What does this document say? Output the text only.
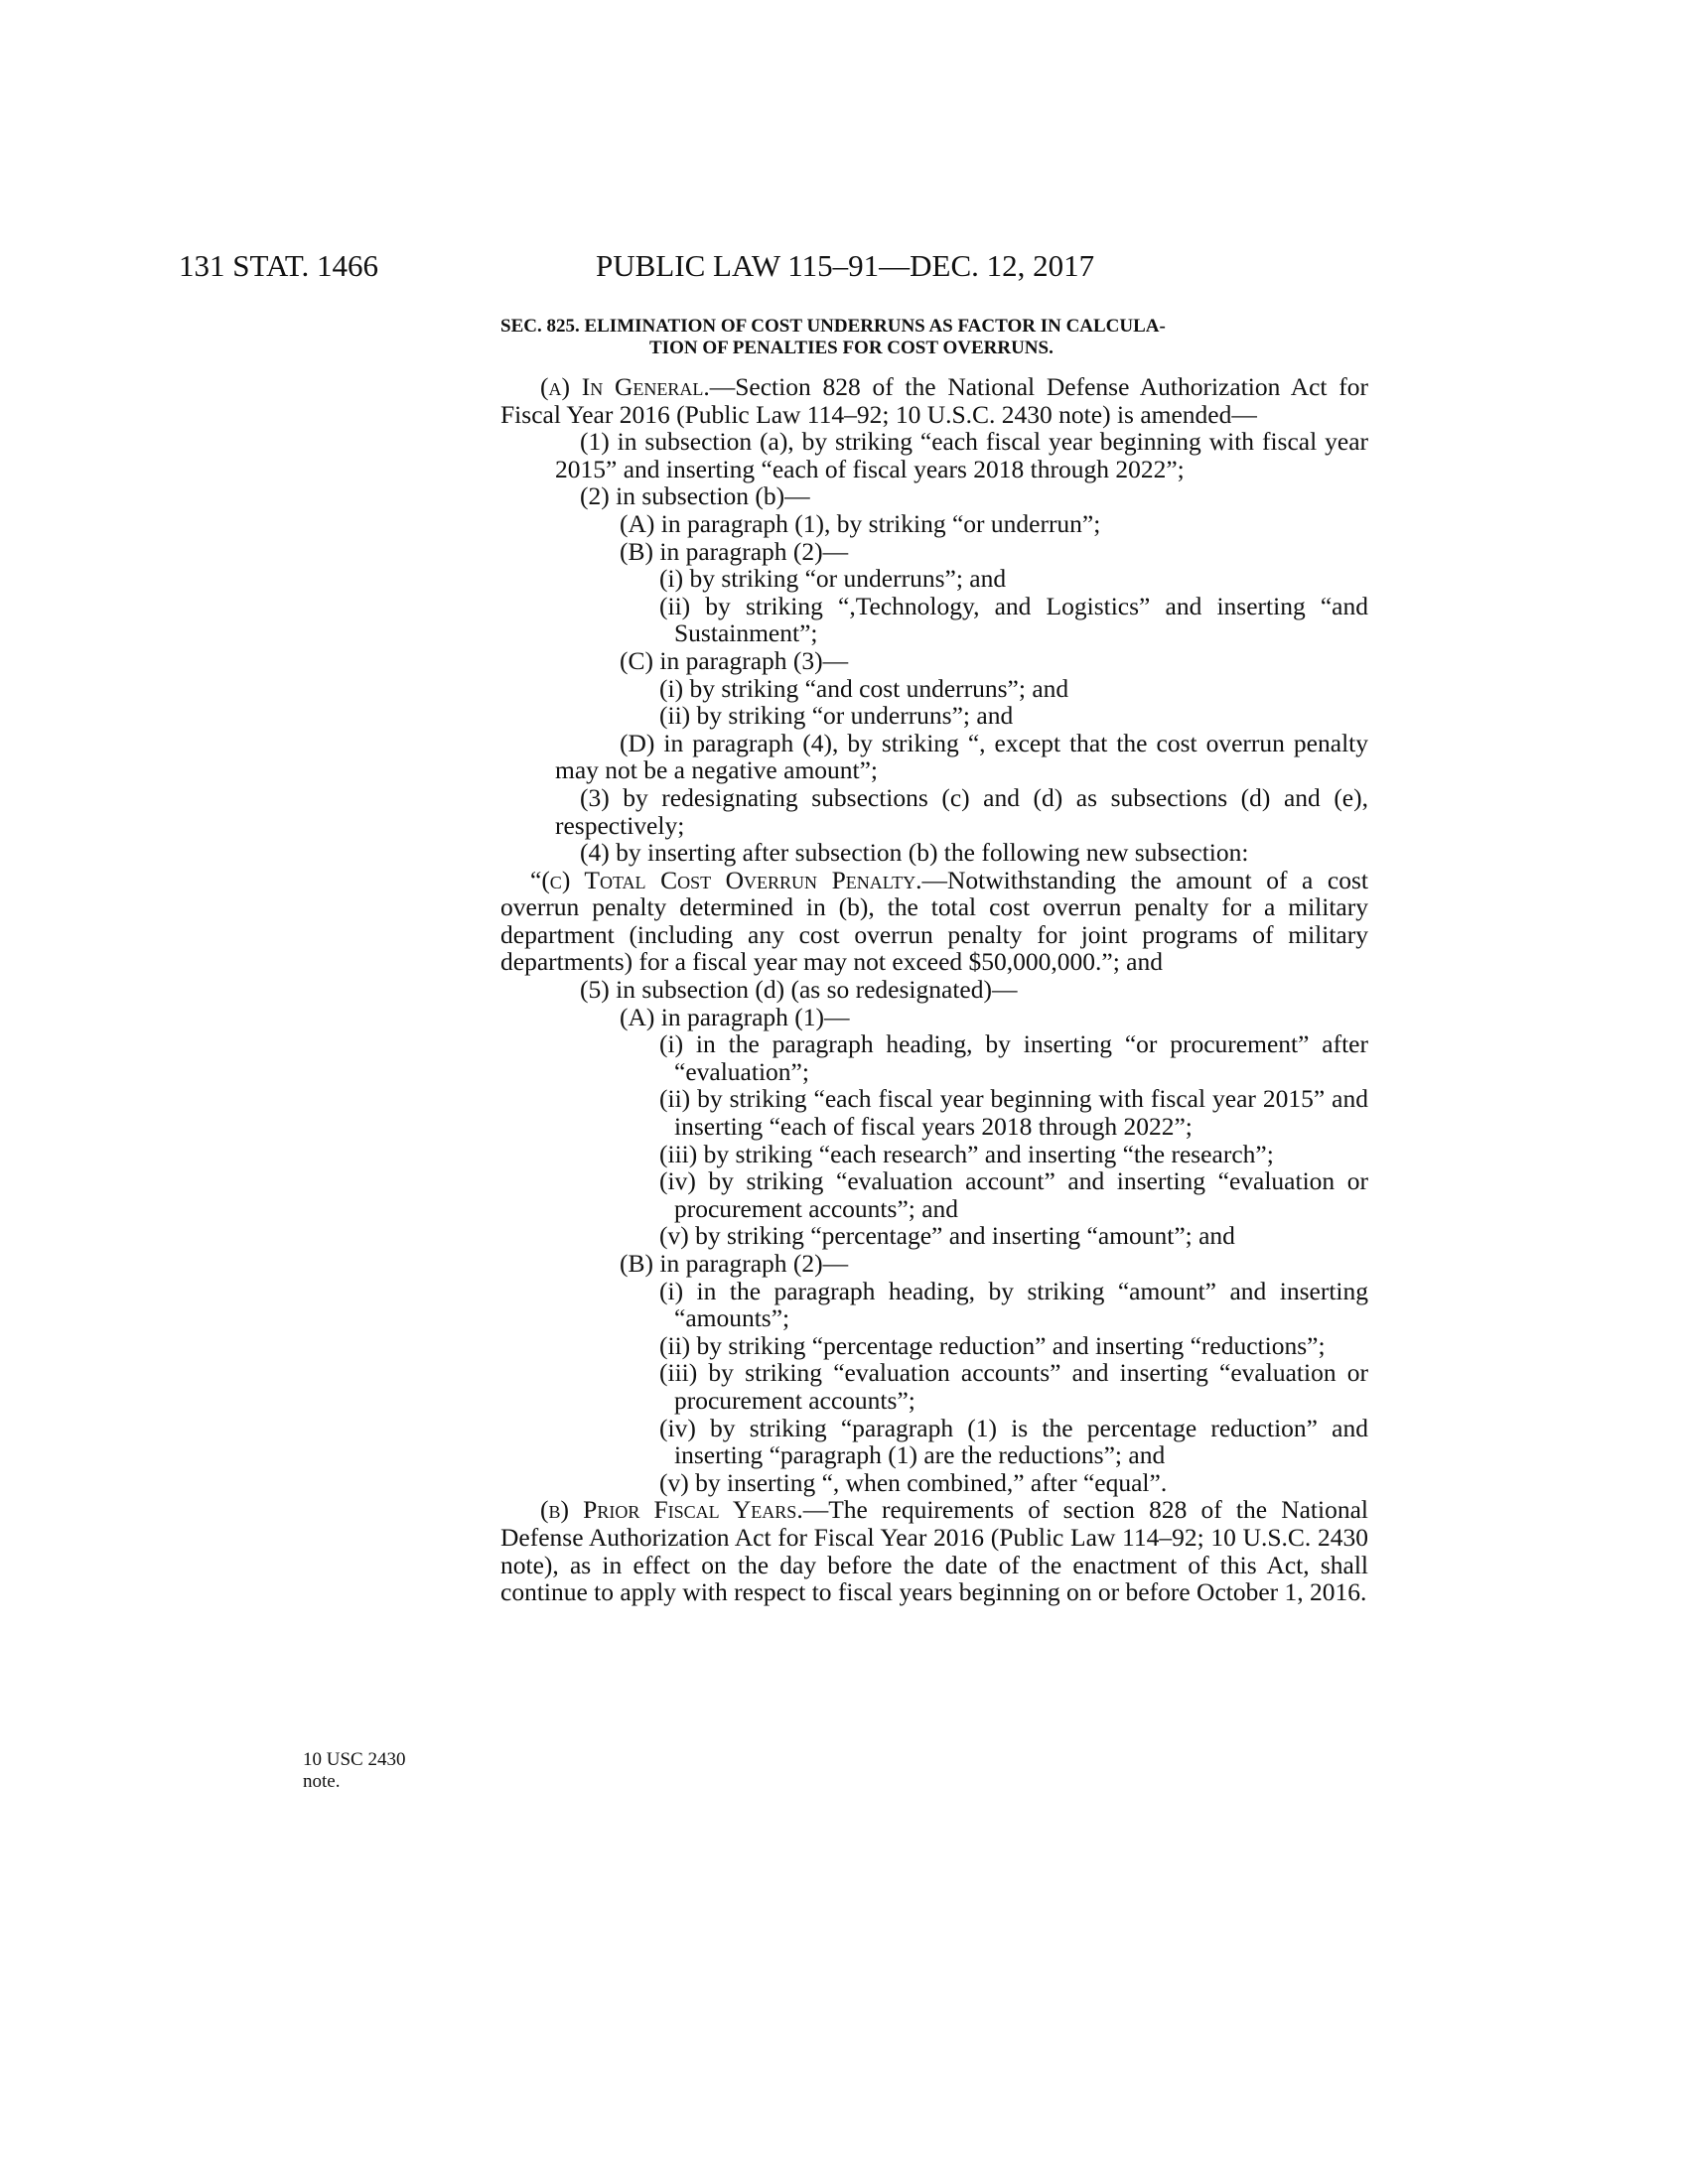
131 STAT. 1466	PUBLIC LAW 115–91—DEC. 12, 2017
SEC. 825. ELIMINATION OF COST UNDERRUNS AS FACTOR IN CALCULA-
TION OF PENALTIES FOR COST OVERRUNS.

(a) In General.—Section 828 of the National Defense Authorization Act for Fiscal Year 2016 (Public Law 114–92; 10 U.S.C. 2430 note) is amended—

(1) in subsection (a), by striking “each fiscal year beginning with fiscal year 2015” and inserting “each of fiscal years 2018 through 2022”;

(2) in subsection (b)—

(A) in paragraph (1), by striking “or underrun”;

(B) in paragraph (2)—

(i) by striking “or underruns”; and

(ii) by striking “,Technology, and Logistics” and inserting “and Sustainment”;

(C) in paragraph (3)—

(i) by striking “and cost underruns”; and

(ii) by striking “or underruns”; and

(D) in paragraph (4), by striking “, except that the cost overrun penalty may not be a negative amount”;

(3) by redesignating subsections (c) and (d) as subsections (d) and (e), respectively;

(4) by inserting after subsection (b) the following new subsection:

“(c) Total Cost Overrun Penalty.—Notwithstanding the amount of a cost overrun penalty determined in (b), the total cost overrun penalty for a military department (including any cost overrun penalty for joint programs of military departments) for a fiscal year may not exceed $50,000,000.”; and

(5) in subsection (d) (as so redesignated)—

(A) in paragraph (1)—

(i) in the paragraph heading, by inserting “or procurement” after “evaluation”;

(ii) by striking “each fiscal year beginning with fiscal year 2015” and inserting “each of fiscal years 2018 through 2022”;

(iii) by striking “each research” and inserting “the research”;

(iv) by striking “evaluation account” and inserting “evaluation or procurement accounts”; and

(v) by striking “percentage” and inserting “amount”; and

(B) in paragraph (2)—

(i) in the paragraph heading, by striking “amount” and inserting “amounts”;

(ii) by striking “percentage reduction” and inserting “reductions”;

(iii) by striking “evaluation accounts” and inserting “evaluation or procurement accounts”;

(iv) by striking “paragraph (1) is the percentage reduction” and inserting “paragraph (1) are the reductions”; and

(v) by inserting “, when combined,” after “equal”.

(b) Prior Fiscal Years.—The requirements of section 828 of the National Defense Authorization Act for Fiscal Year 2016 (Public Law 114–92; 10 U.S.C. 2430 note), as in effect on the day before the date of the enactment of this Act, shall continue to apply with respect to fiscal years beginning on or before October 1, 2016.

10 USC 2430 note.
